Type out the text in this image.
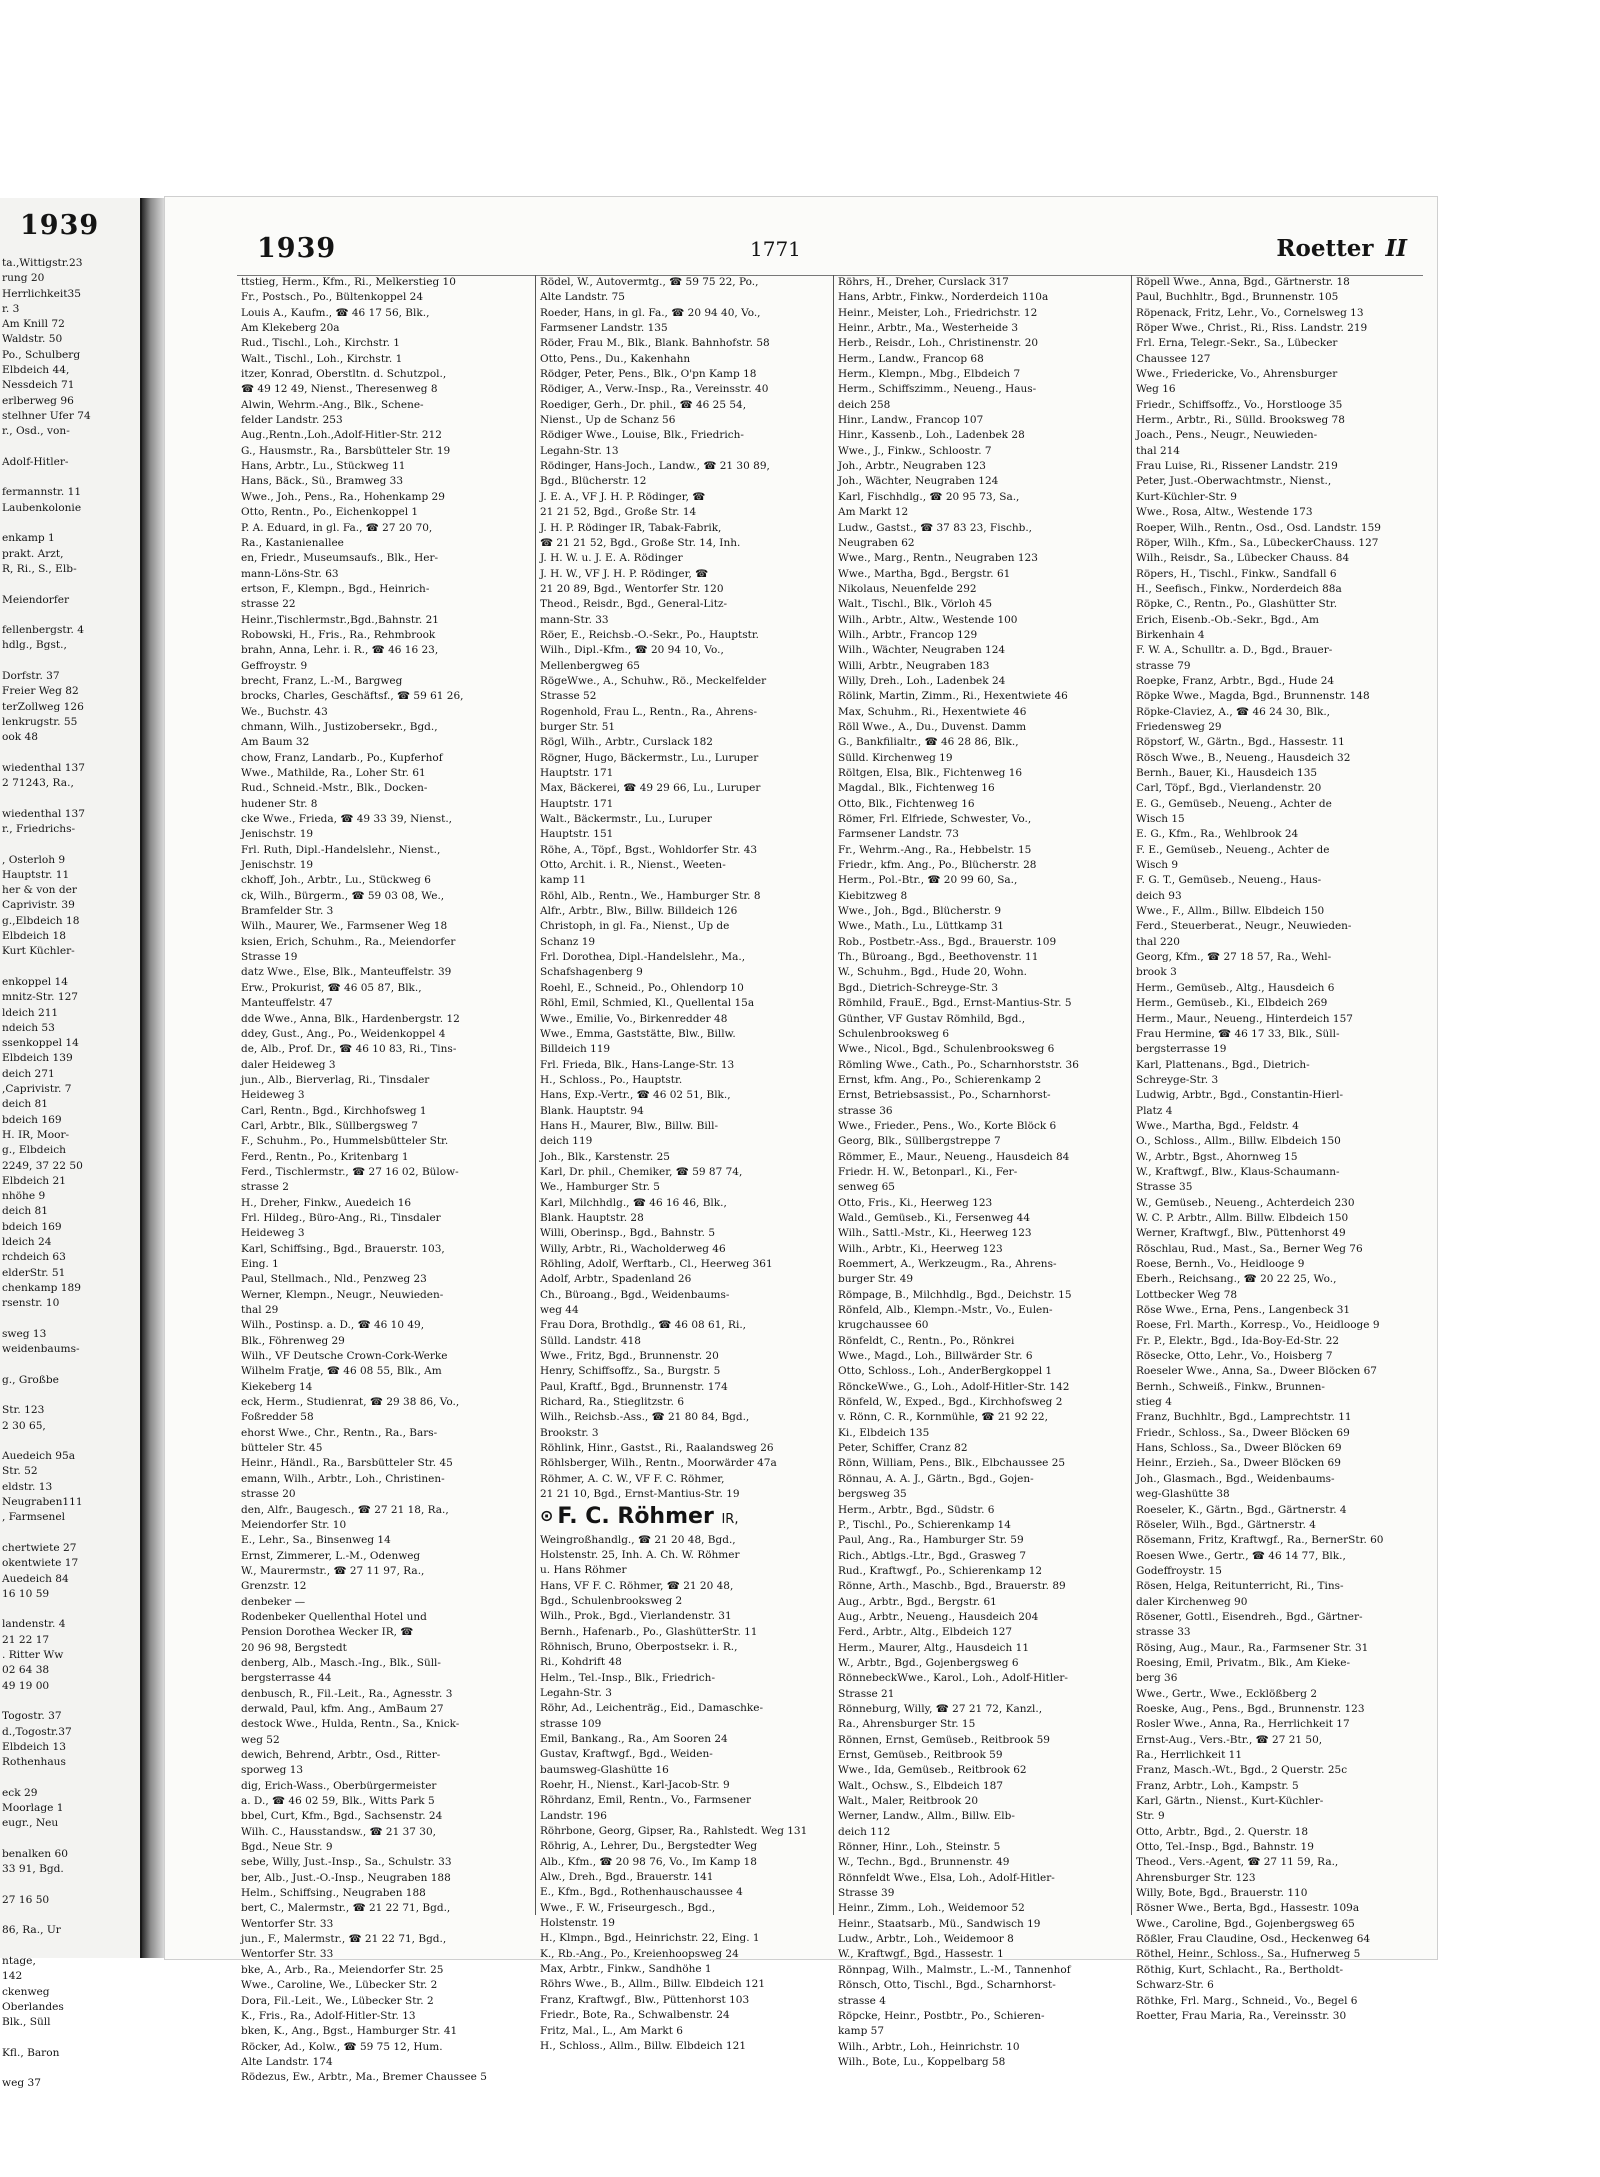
1939
ta.,Wittigstr.23
rung 20
Herrlichkeit35
r. 3
Am Knill 72
Waldstr. 50
Po., Schulberg
Elbdeich 44,
Nessdeich 71
erlberweg 96
stelhner Ufer 74
r., Osd., von-

Adolf-Hitler-

fermannstr. 11
Laubenkolonie

enkamp 1
prakt. Arzt,
R, Ri., S., Elb-

Meiendorfer

fellenbergstr. 4
hdlg., Bgst.,

Dorfstr. 37
Freier Weg 82
terZollweg 126
lenkrugstr. 55
ook 48

wiedenthal 137
2 71243, Ra.,

wiedenthal 137
r., Friedrichs-

, Osterloh 9
Hauptstr. 11
her & von der
Caprivistr. 39
g.,Elbdeich 18
Elbdeich 18
Kurt Küchler-

enkoppel 14
mnitz-Str. 127
ldeich 211
ndeich 53
ssenkoppel 14
Elbdeich 139
deich 271
,Caprivistr. 7
deich 81
bdeich 169
H. IR, Moor-
g., Elbdeich
2249, 37 22 50
Elbdeich 21
nhöhe 9
deich 81
bdeich 169
ldeich 24
rchdeich 63
elderStr. 51
chenkamp 189
rsenstr. 10

sweg 13
weidenbaums-

g., Großbe

Str. 123
2 30 65,

Auedeich 95a
Str. 52
eldstr. 13
Neugraben111
, Farmsenel

chertwiete 27
okentwiete 17
Auedeich 84
16 10 59

landenstr. 4
21 22 17
. Ritter Ww
02 64 38
49 19 00

Togostr. 37
d.,Togostr.37
Elbdeich 13
Rothenhaus

eck 29
Moorlage 1
eugr., Neu

benalken 60
33 91, Bgd.

27 16 50

86, Ra., Ur

ntage,
142
ckenweg
Oberlandes
Blk., Süll

Kfl., Baron

weg 37
1939	1771	Roetter II
ttstieg, Herm., Kfm., Ri., Melkerstieg 10
Fr., Postsch., Po., Bültenkoppel 24
Louis A., Kaufm., ☎ 46 17 56, Blk.,
Am Klekeberg 20a
Rud., Tischl., Loh., Kirchstr. 1
Walt., Tischl., Loh., Kirchstr. 1
itzer, Konrad, Oberstltn. d. Schutzpol.,
☎ 49 12 49, Nienst., Theresenweg 8
Alwin, Wehrm.-Ang., Blk., Schene-
felder Landstr. 253
Aug.,Rentn.,Loh.,Adolf-Hitler-Str. 212
G., Hausmstr., Ra., Barsbütteler Str. 19
Hans, Arbtr., Lu., Stückweg 11
Hans, Bäck., Sü., Bramweg 33
Wwe., Joh., Pens., Ra., Hohenkamp 29
Otto, Rentn., Po., Eichenkoppel 1
P. A. Eduard, in gl. Fa., ☎ 27 20 70,
Ra., Kastanienallee
en, Friedr., Museumsaufs., Blk., Her-
mann-Löns-Str. 63
ertson, F., Klempn., Bgd., Heinrich-
strasse 22
Heinr.,Tischlermstr.,Bgd.,Bahnstr. 21
Robowski, H., Fris., Ra., Rehmbrook
brahn, Anna, Lehr. i. R., ☎ 46 16 23,
Geffroystr. 9
brecht, Franz, L.-M., Bargweg
brocks, Charles, Geschäftsf., ☎ 59 61 26,
We., Buchstr. 43
chmann, Wilh., Justizobersekr., Bgd.,
Am Baum 32
chow, Franz, Landarb., Po., Kupferhof
Wwe., Mathilde, Ra., Loher Str. 61
Rud., Schneid.-Mstr., Blk., Docken-
hudener Str. 8
cke Wwe., Frieda, ☎ 49 33 39, Nienst.,
Jenischstr. 19
Frl. Ruth, Dipl.-Handelslehr., Nienst.,
Jenischstr. 19
ckhoff, Joh., Arbtr., Lu., Stückweg 6
ck, Wilh., Bürgerm., ☎ 59 03 08, We.,
Bramfelder Str. 3
Wilh., Maurer, We., Farmsener Weg 18
ksien, Erich, Schuhm., Ra., Meiendorfer
Strasse 19
datz Wwe., Else, Blk., Manteuffelstr. 39
Erw., Prokurist, ☎ 46 05 87, Blk.,
Manteuffelstr. 47
dde Wwe., Anna, Blk., Hardenbergstr. 12
ddey, Gust., Ang., Po., Weidenkoppel 4
de, Alb., Prof. Dr., ☎ 46 10 83, Ri., Tins-
daler Heideweg 3
jun., Alb., Bierverlag, Ri., Tinsdaler
Heideweg 3
Carl, Rentn., Bgd., Kirchhofsweg 1
Carl, Arbtr., Blk., Süllbergsweg 7
F., Schuhm., Po., Hummelsbütteler Str.
Ferd., Rentn., Po., Kritenbarg 1
Ferd., Tischlermstr., ☎ 27 16 02, Bülow-
strasse 2
H., Dreher, Finkw., Auedeich 16
Frl. Hildeg., Büro-Ang., Ri., Tinsdaler
Heideweg 3
Karl, Schiffsing., Bgd., Brauerstr. 103,
Eing. 1
Paul, Stellmach., Nld., Penzweg 23
Werner, Klempn., Neugr., Neuwieden-
thal 29
Wilh., Postinsp. a. D., ☎ 46 10 49,
Blk., Föhrenweg 29
Wilh., VF Deutsche Crown-Cork-Werke
Wilhelm Fratje, ☎ 46 08 55, Blk., Am
Kiekeberg 14
eck, Herm., Studienrat, ☎ 29 38 86, Vo.,
Foßredder 58
ehorst Wwe., Chr., Rentn., Ra., Bars-
bütteler Str. 45
Heinr., Händl., Ra., Barsbütteler Str. 45
emann, Wilh., Arbtr., Loh., Christinen-
strasse 20
den, Alfr., Baugesch., ☎ 27 21 18, Ra.,
Meiendorfer Str. 10
E., Lehr., Sa., Binsenweg 14
Ernst, Zimmerer, L.-M., Odenweg
W., Maurermstr., ☎ 27 11 97, Ra.,
Grenzstr. 12
denbeker —
Rodenbeker Quellenthal Hotel und
Pension Dorothea Wecker IR, ☎
20 96 98, Bergstedt
denberg, Alb., Masch.-Ing., Blk., Süll-
bergsterrasse 44
denbusch, R., Fil.-Leit., Ra., Agnesstr. 3
derwald, Paul, kfm. Ang., AmBaum 27
destock Wwe., Hulda, Rentn., Sa., Knick-
weg 52
dewich, Behrend, Arbtr., Osd., Ritter-
sporweg 13
dig, Erich-Wass., Oberbürgermeister
a. D., ☎ 46 02 59, Blk., Witts Park 5
bbel, Curt, Kfm., Bgd., Sachsenstr. 24
Wilh. C., Hausstandsw., ☎ 21 37 30,
Bgd., Neue Str. 9
sebe, Willy, Just.-Insp., Sa., Schulstr. 33
ber, Alb., Just.-O.-Insp., Neugraben 188
Helm., Schiffsing., Neugraben 188
bert, C., Malermstr., ☎ 21 22 71, Bgd.,
Wentorfer Str. 33
jun., F., Malermstr., ☎ 21 22 71, Bgd.,
Wentorfer Str. 33
bke, A., Arb., Ra., Meiendorfer Str. 25
Wwe., Caroline, We., Lübecker Str. 2
Dora, Fil.-Leit., We., Lübecker Str. 2
K., Fris., Ra., Adolf-Hitler-Str. 13
bken, K., Ang., Bgst., Hamburger Str. 41
Röcker, Ad., Kolw., ☎ 59 75 12, Hum.
Alte Landstr. 174
Rödezus, Ew., Arbtr., Ma., Bremer Chaussee 5
Rödel, W., Autovermtg., ☎ 59 75 22, Po.,
Alte Landstr. 75
Roeder, Hans, in gl. Fa., ☎ 20 94 40, Vo.,
Farmsener Landstr. 135
Röder, Frau M., Blk., Blank. Bahnhofstr. 58
Otto, Pens., Du., Kakenhahn
Rödger, Peter, Pens., Blk., O'pn Kamp 18
Rödiger, A., Verw.-Insp., Ra., Vereinsstr. 40
Roediger, Gerh., Dr. phil., ☎ 46 25 54,
Nienst., Up de Schanz 56
Rödiger Wwe., Louise, Blk., Friedrich-
Legahn-Str. 13
Rödinger, Hans-Joch., Landw., ☎ 21 30 89,
Bgd., Blücherstr. 12
J. E. A., VF J. H. P. Rödinger, ☎
21 21 52, Bgd., Große Str. 14
J. H. P. Rödinger IR, Tabak-Fabrik,
☎ 21 21 52, Bgd., Große Str. 14, Inh.
J. H. W. u. J. E. A. Rödinger
J. H. W., VF J. H. P. Rödinger, ☎
21 20 89, Bgd., Wentorfer Str. 120
Theod., Reisdr., Bgd., General-Litz-
mann-Str. 33
Röer, E., Reichsb.-O.-Sekr., Po., Hauptstr.
Wilh., Dipl.-Kfm., ☎ 20 94 10, Vo.,
Mellenbergweg 65
RögeWwe., A., Schuhw., Rö., Meckelfelder
Strasse 52
Rogenhold, Frau L., Rentn., Ra., Ahrens-
burger Str. 51
Rögl, Wilh., Arbtr., Curslack 182
Rögner, Hugo, Bäckermstr., Lu., Luruper
Hauptstr. 171
Max, Bäckerei, ☎ 49 29 66, Lu., Luruper
Hauptstr. 171
Walt., Bäckermstr., Lu., Luruper
Hauptstr. 151
Röhe, A., Töpf., Bgst., Wohldorfer Str. 43
Otto, Archit. i. R., Nienst., Weeten-
kamp 11
Röhl, Alb., Rentn., We., Hamburger Str. 8
Alfr., Arbtr., Blw., Billw. Billdeich 126
Christoph, in gl. Fa., Nienst., Up de
Schanz 19
Frl. Dorothea, Dipl.-Handelslehr., Ma.,
Schafshagenberg 9
Roehl, E., Schneid., Po., Ohlendorp 10
Röhl, Emil, Schmied, Kl., Quellental 15a
Wwe., Emilie, Vo., Birkenredder 48
Wwe., Emma, Gaststätte, Blw., Billw.
Billdeich 119
Frl. Frieda, Blk., Hans-Lange-Str. 13
H., Schloss., Po., Hauptstr.
Hans, Exp.-Vertr., ☎ 46 02 51, Blk.,
Blank. Hauptstr. 94
Hans H., Maurer, Blw., Billw. Bill-
deich 119
Joh., Blk., Karstenstr. 25
Karl, Dr. phil., Chemiker, ☎ 59 87 74,
We., Hamburger Str. 5
Karl, Milchhdlg., ☎ 46 16 46, Blk.,
Blank. Hauptstr. 28
Willi, Oberinsp., Bgd., Bahnstr. 5
Willy, Arbtr., Ri., Wacholderweg 46
Röhling, Adolf, Werftarb., Cl., Heerweg 361
Adolf, Arbtr., Spadenland 26
Ch., Büroang., Bgd., Weidenbaums-
weg 44
Frau Dora, Brothdlg., ☎ 46 08 61, Ri.,
Sülld. Landstr. 418
Wwe., Fritz, Bgd., Brunnenstr. 20
Henry, Schiffsoffz., Sa., Burgstr. 5
Paul, Kraftf., Bgd., Brunnenstr. 174
Richard, Ra., Stieglitzstr. 6
Wilh., Reichsb.-Ass., ☎ 21 80 84, Bgd.,
Brookstr. 3
Röhlink, Hinr., Gastst., Ri., Raalandsweg 26
Röhlsberger, Wilh., Rentn., Moorwärder 47a
Röhmer, A. C. W., VF F. C. Röhmer,
21 21 10, Bgd., Ernst-Mantius-Str. 19
⊙ F. C. Röhmer IR,
Weingroßhandlg., ☎ 21 20 48, Bgd.,
Holstenstr. 25, Inh. A. Ch. W. Röhmer
u. Hans Röhmer
Hans, VF F. C. Röhmer, ☎ 21 20 48,
Bgd., Schulenbrooksweg 2
Wilh., Prok., Bgd., Vierlandenstr. 31
Bernh., Hafenarb., Po., GlashütterStr. 11
Röhnisch, Bruno, Oberpostsekr. i. R.,
Ri., Kohdrift 48
Helm., Tel.-Insp., Blk., Friedrich-
Legahn-Str. 3
Röhr, Ad., Leichenträg., Eid., Damaschke-
strasse 109
Emil, Bankang., Ra., Am Sooren 24
Gustav, Kraftwgf., Bgd., Weiden-
baumsweg-Glashütte 16
Roehr, H., Nienst., Karl-Jacob-Str. 9
Röhrdanz, Emil, Rentn., Vo., Farmsener
Landstr. 196
Röhrbone, Georg, Gipser, Ra., Rahlstedt. Weg 131
Röhrig, A., Lehrer, Du., Bergstedter Weg
Alb., Kfm., ☎ 20 98 76, Vo., Im Kamp 18
Alw., Dreh., Bgd., Brauerstr. 141
E., Kfm., Bgd., Rothenhauschaussee 4
Wwe., F. W., Friseurgesch., Bgd.,
Holstenstr. 19
H., Klmpn., Bgd., Heinrichstr. 22, Eing. 1
K., Rb.-Ang., Po., Kreienhoopsweg 24
Max, Arbtr., Finkw., Sandhöhe 1
Röhrs Wwe., B., Allm., Billw. Elbdeich 121
Franz, Kraftwgf., Blw., Püttenhorst 103
Friedr., Bote, Ra., Schwalbenstr. 24
Fritz, Mal., L., Am Markt 6
H., Schloss., Allm., Billw. Elbdeich 121
Röhrs, H., Dreher, Curslack 317
Hans, Arbtr., Finkw., Norderdeich 110a
Heinr., Meister, Loh., Friedrichstr. 12
Heinr., Arbtr., Ma., Westerheide 3
Herb., Reisdr., Loh., Christinenstr. 20
Herm., Landw., Francop 68
Herm., Klempn., Mbg., Elbdeich 7
Herm., Schiffszimm., Neueng., Haus-
deich 258
Hinr., Landw., Francop 107
Hinr., Kassenb., Loh., Ladenbek 28
Wwe., J., Finkw., Schloostr. 7
Joh., Arbtr., Neugraben 123
Joh., Wächter, Neugraben 124
Karl, Fischhdlg., ☎ 20 95 73, Sa.,
Am Markt 12
Ludw., Gastst., ☎ 37 83 23, Fischb.,
Neugraben 62
Wwe., Marg., Rentn., Neugraben 123
Wwe., Martha, Bgd., Bergstr. 61
Nikolaus, Neuenfelde 292
Walt., Tischl., Blk., Vörloh 45
Wilh., Arbtr., Altw., Westende 100
Wilh., Arbtr., Francop 129
Wilh., Wächter, Neugraben 124
Willi, Arbtr., Neugraben 183
Willy, Dreh., Loh., Ladenbek 24
Rölink, Martin, Zimm., Ri., Hexentwiete 46
Max, Schuhm., Ri., Hexentwiete 46
Röll Wwe., A., Du., Duvenst. Damm
G., Bankfilialtr., ☎ 46 28 86, Blk.,
Sülld. Kirchenweg 19
Röltgen, Elsa, Blk., Fichtenweg 16
Magdal., Blk., Fichtenweg 16
Otto, Blk., Fichtenweg 16
Römer, Frl. Elfriede, Schwester, Vo.,
Farmsener Landstr. 73
Fr., Wehrm.-Ang., Ra., Hebbelstr. 15
Friedr., kfm. Ang., Po., Blücherstr. 28
Herm., Pol.-Btr., ☎ 20 99 60, Sa.,
Kiebitzweg 8
Wwe., Joh., Bgd., Blücherstr. 9
Wwe., Math., Lu., Lüttkamp 31
Rob., Postbetr.-Ass., Bgd., Brauerstr. 109
Th., Büroang., Bgd., Beethovenstr. 11
W., Schuhm., Bgd., Hude 20, Wohn.
Bgd., Dietrich-Schreyge-Str. 3
Römhild, FrauE., Bgd., Ernst-Mantius-Str. 5
Günther, VF Gustav Römhild, Bgd.,
Schulenbrooksweg 6
Wwe., Nicol., Bgd., Schulenbrooksweg 6
Römling Wwe., Cath., Po., Scharnhorststr. 36
Ernst, kfm. Ang., Po., Schierenkamp 2
Ernst, Betriebsassist., Po., Scharnhorst-
strasse 36
Wwe., Frieder., Pens., Wo., Korte Blöck 6
Georg, Blk., Süllbergstreppe 7
Römmer, E., Maur., Neueng., Hausdeich 84
Friedr. H. W., Betonparl., Ki., Fer-
senweg 65
Otto, Fris., Ki., Heerweg 123
Wald., Gemüseb., Ki., Fersenweg 44
Wilh., Sattl.-Mstr., Ki., Heerweg 123
Wilh., Arbtr., Ki., Heerweg 123
Roemmert, A., Werkzeugm., Ra., Ahrens-
burger Str. 49
Römpage, B., Milchhdlg., Bgd., Deichstr. 15
Rönfeld, Alb., Klempn.-Mstr., Vo., Eulen-
krugchaussee 60
Rönfeldt, C., Rentn., Po., Rönkrei
Wwe., Magd., Loh., Billwärder Str. 6
Otto, Schloss., Loh., AnderBergkoppel 1
RönckeWwe., G., Loh., Adolf-Hitler-Str. 142
Rönfeld, W., Exped., Bgd., Kirchhofsweg 2
v. Rönn, C. R., Kornmühle, ☎ 21 92 22,
Ki., Elbdeich 135
Peter, Schiffer, Cranz 82
Rönn, William, Pens., Blk., Elbchaussee 25
Rönnau, A. A. J., Gärtn., Bgd., Gojen-
bergsweg 35
Herm., Arbtr., Bgd., Südstr. 6
P., Tischl., Po., Schierenkamp 14
Paul, Ang., Ra., Hamburger Str. 59
Rich., Abtlgs.-Ltr., Bgd., Grasweg 7
Rud., Kraftwgf., Po., Schierenkamp 12
Rönne, Arth., Maschb., Bgd., Brauerstr. 89
Aug., Arbtr., Bgd., Bergstr. 61
Aug., Arbtr., Neueng., Hausdeich 204
Ferd., Arbtr., Altg., Elbdeich 127
Herm., Maurer, Altg., Hausdeich 11
W., Arbtr., Bgd., Gojenbergsweg 6
RönnebeckWwe., Karol., Loh., Adolf-Hitler-
Strasse 21
Rönneburg, Willy, ☎ 27 21 72, Kanzl.,
Ra., Ahrensburger Str. 15
Rönnen, Ernst, Gemüseb., Reitbrook 59
Ernst, Gemüseb., Reitbrook 59
Wwe., Ida, Gemüseb., Reitbrook 62
Walt., Ochsw., S., Elbdeich 187
Walt., Maler, Reitbrook 20
Werner, Landw., Allm., Billw. Elb-
deich 112
Rönner, Hinr., Loh., Steinstr. 5
W., Techn., Bgd., Brunnenstr. 49
Rönnfeldt Wwe., Elsa, Loh., Adolf-Hitler-
Strasse 39
Heinr., Zimm., Loh., Weidemoor 52
Heinr., Staatsarb., Mü., Sandwisch 19
Ludw., Arbtr., Loh., Weidemoor 8
W., Kraftwgf., Bgd., Hassestr. 1
Rönnpag, Wilh., Malmstr., L.-M., Tannenhof
Rönsch, Otto, Tischl., Bgd., Scharnhorst-
strasse 4
Röpcke, Heinr., Postbtr., Po., Schieren-
kamp 57
Wilh., Arbtr., Loh., Heinrichstr. 10
Wilh., Bote, Lu., Koppelbarg 58
Röpell Wwe., Anna, Bgd., Gärtnerstr. 18
Paul, Buchhltr., Bgd., Brunnenstr. 105
Röpenack, Fritz, Lehr., Vo., Cornelsweg 13
Röper Wwe., Christ., Ri., Riss. Landstr. 219
Frl. Erna, Telegr.-Sekr., Sa., Lübecker
Chaussee 127
Wwe., Friedericke, Vo., Ahrensburger
Weg 16
Friedr., Schiffsoffz., Vo., Horstlooge 35
Herm., Arbtr., Ri., Sülld. Brooksweg 78
Joach., Pens., Neugr., Neuwieden-
thal 214
Frau Luise, Ri., Rissener Landstr. 219
Peter, Just.-Oberwachtmstr., Nienst.,
Kurt-Küchler-Str. 9
Wwe., Rosa, Altw., Westende 173
Roeper, Wilh., Rentn., Osd., Osd. Landstr. 159
Röper, Wilh., Kfm., Sa., LübeckerChauss. 127
Wilh., Reisdr., Sa., Lübecker Chauss. 84
Röpers, H., Tischl., Finkw., Sandfall 6
H., Seefisch., Finkw., Norderdeich 88a
Röpke, C., Rentn., Po., Glashütter Str.
Erich, Eisenb.-Ob.-Sekr., Bgd., Am
Birkenhain 4
F. W. A., Schulltr. a. D., Bgd., Brauer-
strasse 79
Roepke, Franz, Arbtr., Bgd., Hude 24
Röpke Wwe., Magda, Bgd., Brunnenstr. 148
Röpke-Claviez, A., ☎ 46 24 30, Blk.,
Friedensweg 29
Röpstorf, W., Gärtn., Bgd., Hassestr. 11
Rösch Wwe., B., Neueng., Hausdeich 32
Bernh., Bauer, Ki., Hausdeich 135
Carl, Töpf., Bgd., Vierlandenstr. 20
E. G., Gemüseb., Neueng., Achter de
Wisch 15
E. G., Kfm., Ra., Wehlbrook 24
F. E., Gemüseb., Neueng., Achter de
Wisch 9
F. G. T., Gemüseb., Neueng., Haus-
deich 93
Wwe., F., Allm., Billw. Elbdeich 150
Ferd., Steuerberat., Neugr., Neuwieden-
thal 220
Georg, Kfm., ☎ 27 18 57, Ra., Wehl-
brook 3
Herm., Gemüseb., Altg., Hausdeich 6
Herm., Gemüseb., Ki., Elbdeich 269
Herm., Maur., Neueng., Hinterdeich 157
Frau Hermine, ☎ 46 17 33, Blk., Süll-
bergsterrasse 19
Karl, Plattenans., Bgd., Dietrich-
Schreyge-Str. 3
Ludwig, Arbtr., Bgd., Constantin-Hierl-
Platz 4
Wwe., Martha, Bgd., Feldstr. 4
O., Schloss., Allm., Billw. Elbdeich 150
W., Arbtr., Bgst., Ahornweg 15
W., Kraftwgf., Blw., Klaus-Schaumann-
Strasse 35
W., Gemüseb., Neueng., Achterdeich 230
W. C. P. Arbtr., Allm. Billw. Elbdeich 150
Werner, Kraftwgf., Blw., Püttenhorst 49
Röschlau, Rud., Mast., Sa., Berner Weg 76
Roese, Bernh., Vo., Heidlooge 9
Eberh., Reichsang., ☎ 20 22 25, Wo.,
Lottbecker Weg 78
Röse Wwe., Erna, Pens., Langenbeck 31
Roese, Frl. Marth., Korresp., Vo., Heidlooge 9
Fr. P., Elektr., Bgd., Ida-Boy-Ed-Str. 22
Rösecke, Otto, Lehr., Vo., Hoisberg 7
Roeseler Wwe., Anna, Sa., Dweer Blöcken 67
Bernh., Schweiß., Finkw., Brunnen-
stieg 4
Franz, Buchhltr., Bgd., Lamprechtstr. 11
Friedr., Schloss., Sa., Dweer Blöcken 69
Hans, Schloss., Sa., Dweer Blöcken 69
Heinr., Erzieh., Sa., Dweer Blöcken 69
Joh., Glasmach., Bgd., Weidenbaums-
weg-Glashütte 38
Roeseler, K., Gärtn., Bgd., Gärtnerstr. 4
Röseler, Wilh., Bgd., Gärtnerstr. 4
Rösemann, Fritz, Kraftwgf., Ra., BernerStr. 60
Roesen Wwe., Gertr., ☎ 46 14 77, Blk.,
Godeffroystr. 15
Rösen, Helga, Reitunterricht, Ri., Tins-
daler Kirchenweg 90
Rösener, Gottl., Eisendreh., Bgd., Gärtner-
strasse 33
Rösing, Aug., Maur., Ra., Farmsener Str. 31
Roesing, Emil, Privatm., Blk., Am Kieke-
berg 36
Wwe., Gertr., Wwe., Ecklößberg 2
Roeske, Aug., Pens., Bgd., Brunnenstr. 123
Rosler Wwe., Anna, Ra., Herrlichkeit 17
Ernst-Aug., Vers.-Btr., ☎ 27 21 50,
Ra., Herrlichkeit 11
Franz, Masch.-Wt., Bgd., 2 Querstr. 25c
Franz, Arbtr., Loh., Kampstr. 5
Karl, Gärtn., Nienst., Kurt-Küchler-
Str. 9
Otto, Arbtr., Bgd., 2. Querstr. 18
Otto, Tel.-Insp., Bgd., Bahnstr. 19
Theod., Vers.-Agent, ☎ 27 11 59, Ra.,
Ahrensburger Str. 123
Willy, Bote, Bgd., Brauerstr. 110
Rösner Wwe., Berta, Bgd., Hassestr. 109a
Wwe., Caroline, Bgd., Gojenbergsweg 65
Rößler, Frau Claudine, Osd., Heckenweg 64
Röthel, Heinr., Schloss., Sa., Hufnerweg 5
Röthig, Kurt, Schlacht., Ra., Bertholdt-
Schwarz-Str. 6
Röthke, Frl. Marg., Schneid., Vo., Begel 6
Roetter, Frau Maria, Ra., Vereinsstr. 30
